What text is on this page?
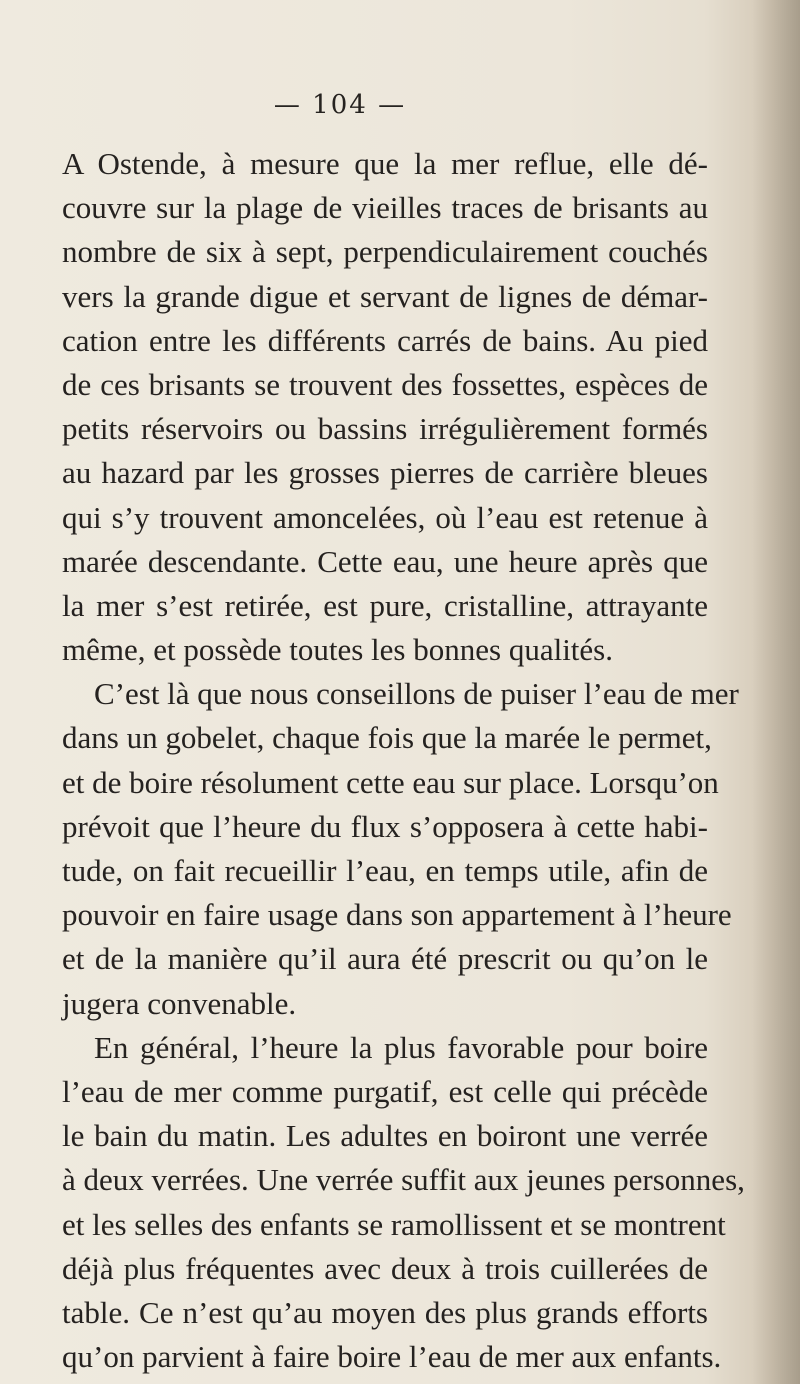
— 104 —
A Ostende, à mesure que la mer reflue, elle dé-
couvre sur la plage de vieilles traces de brisants au
nombre de six à sept, perpendiculairement couchés
vers la grande digue et servant de lignes de démar-
cation entre les différents carrés de bains. Au pied
de ces brisants se trouvent des fossettes, espèces de
petits réservoirs ou bassins irrégulièrement formés
au hazard par les grosses pierres de carrière bleues
qui s’y trouvent amoncelées, où l’eau est retenue à
marée descendante. Cette eau, une heure après que
la mer s’est retirée, est pure, cristalline, attrayante
même, et possède toutes les bonnes qualités.
C’est là que nous conseillons de puiser l’eau de mer
dans un gobelet, chaque fois que la marée le permet,
et de boire résolument cette eau sur place. Lorsqu’on
prévoit que l’heure du flux s’opposera à cette habi-
tude, on fait recueillir l’eau, en temps utile, afin de
pouvoir en faire usage dans son appartement à l’heure
et de la manière qu’il aura été prescrit ou qu’on le
jugera convenable.
En général, l’heure la plus favorable pour boire
l’eau de mer comme purgatif, est celle qui précède
le bain du matin. Les adultes en boiront une verrée
à deux verrées. Une verrée suffit aux jeunes personnes,
et les selles des enfants se ramollissent et se montrent
déjà plus fréquentes avec deux à trois cuillerées de
table. Ce n’est qu’au moyen des plus grands efforts
qu’on parvient à faire boire l’eau de mer aux enfants.
